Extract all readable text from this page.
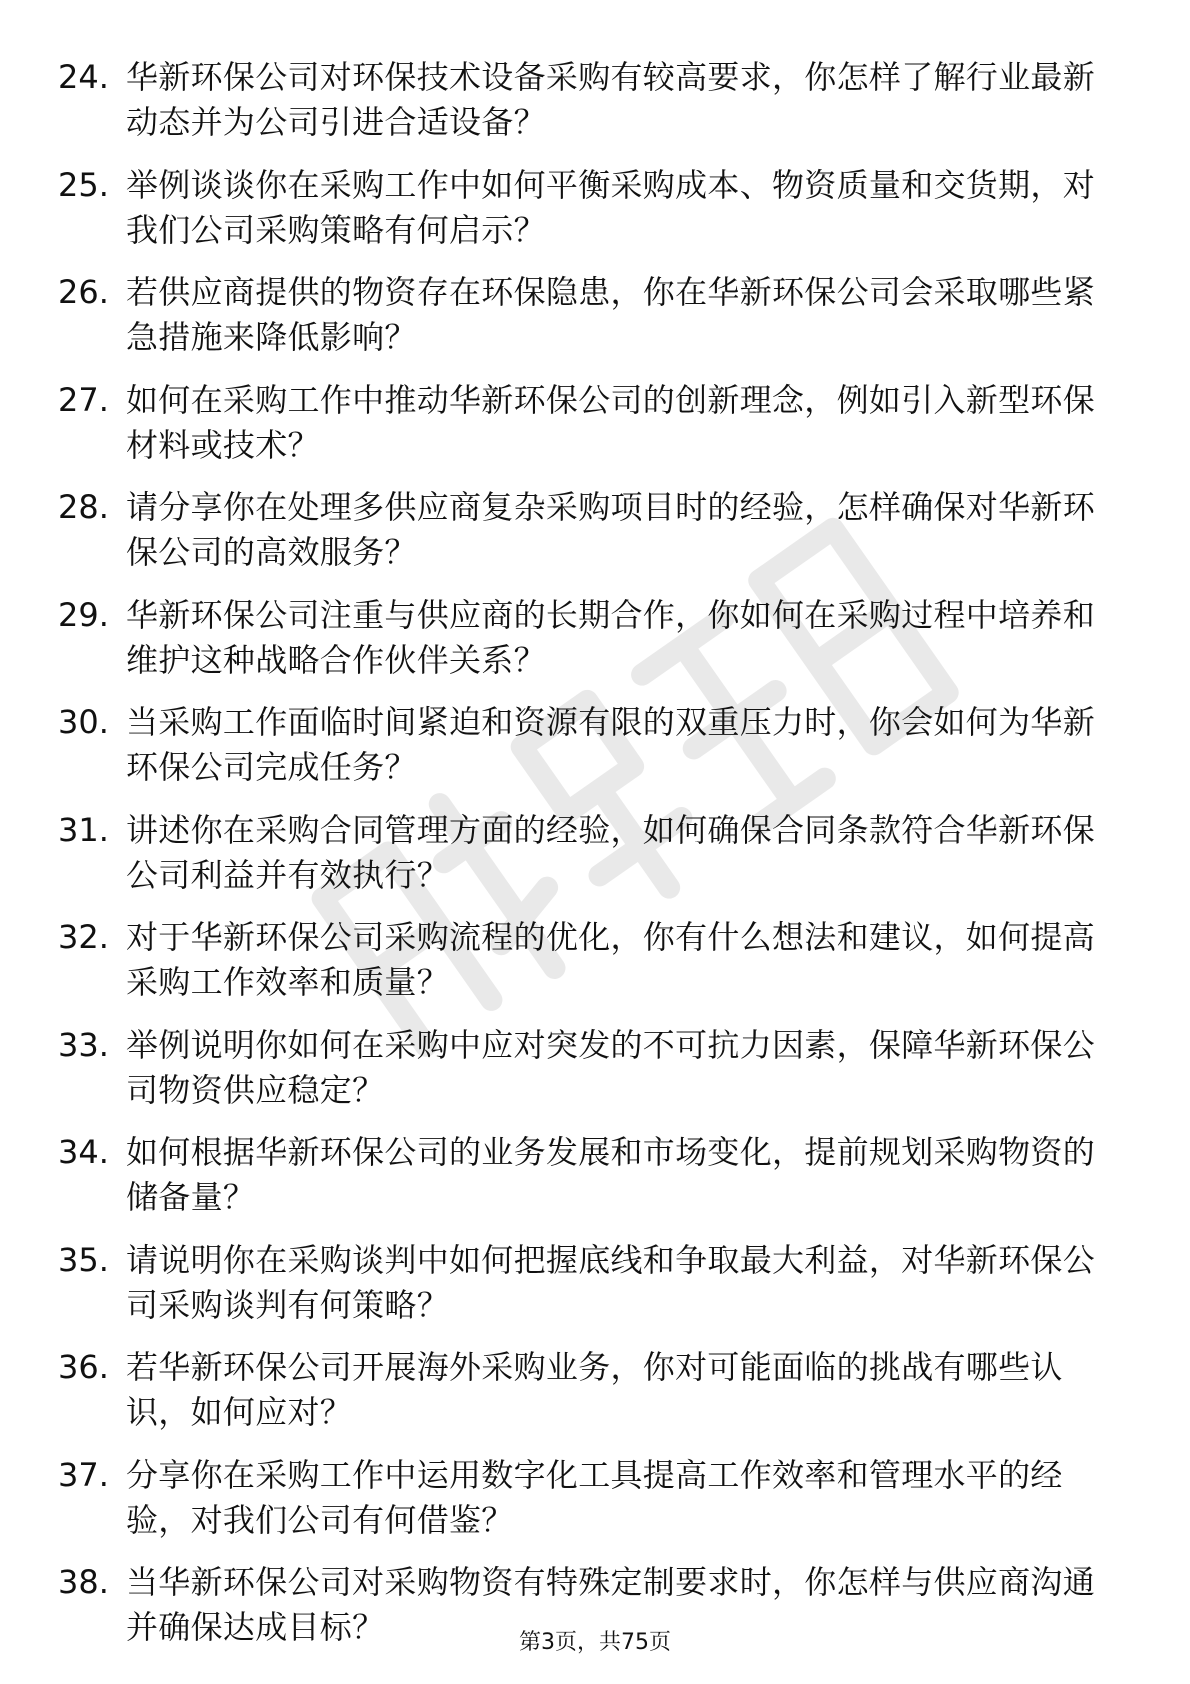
24. 华新环保公司对环保技术设备采购有较高要求，你怎样了解行业最新动态并为公司引进合适设备？
25. 举例谈谈你在采购工作中如何平衡采购成本、物资质量和交货期，对我们公司采购策略有何启示？
26. 若供应商提供的物资存在环保隐患，你在华新环保公司会采取哪些紧急措施来降低影响？
27. 如何在采购工作中推动华新环保公司的创新理念，例如引入新型环保材料或技术？
28. 请分享你在处理多供应商复杂采购项目时的经验，怎样确保对华新环保公司的高效服务？
29. 华新环保公司注重与供应商的长期合作，你如何在采购过程中培养和维护这种战略合作伙伴关系？
30. 当采购工作面临时间紧迫和资源有限的双重压力时，你会如何为华新环保公司完成任务？
31. 讲述你在采购合同管理方面的经验，如何确保合同条款符合华新环保公司利益并有效执行？
32. 对于华新环保公司采购流程的优化，你有什么想法和建议，如何提高采购工作效率和质量？
33. 举例说明你如何在采购中应对突发的不可抗力因素，保障华新环保公司物资供应稳定？
34. 如何根据华新环保公司的业务发展和市场变化，提前规划采购物资的储备量？
35. 请说明你在采购谈判中如何把握底线和争取最大利益，对华新环保公司采购谈判有何策略？
36. 若华新环保公司开展海外采购业务，你对可能面临的挑战有哪些认识，如何应对？
37. 分享你在采购工作中运用数字化工具提高工作效率和管理水平的经验，对我们公司有何借鉴？
38. 当华新环保公司对采购物资有特殊定制要求时，你怎样与供应商沟通并确保达成目标？	第3页，共75页
